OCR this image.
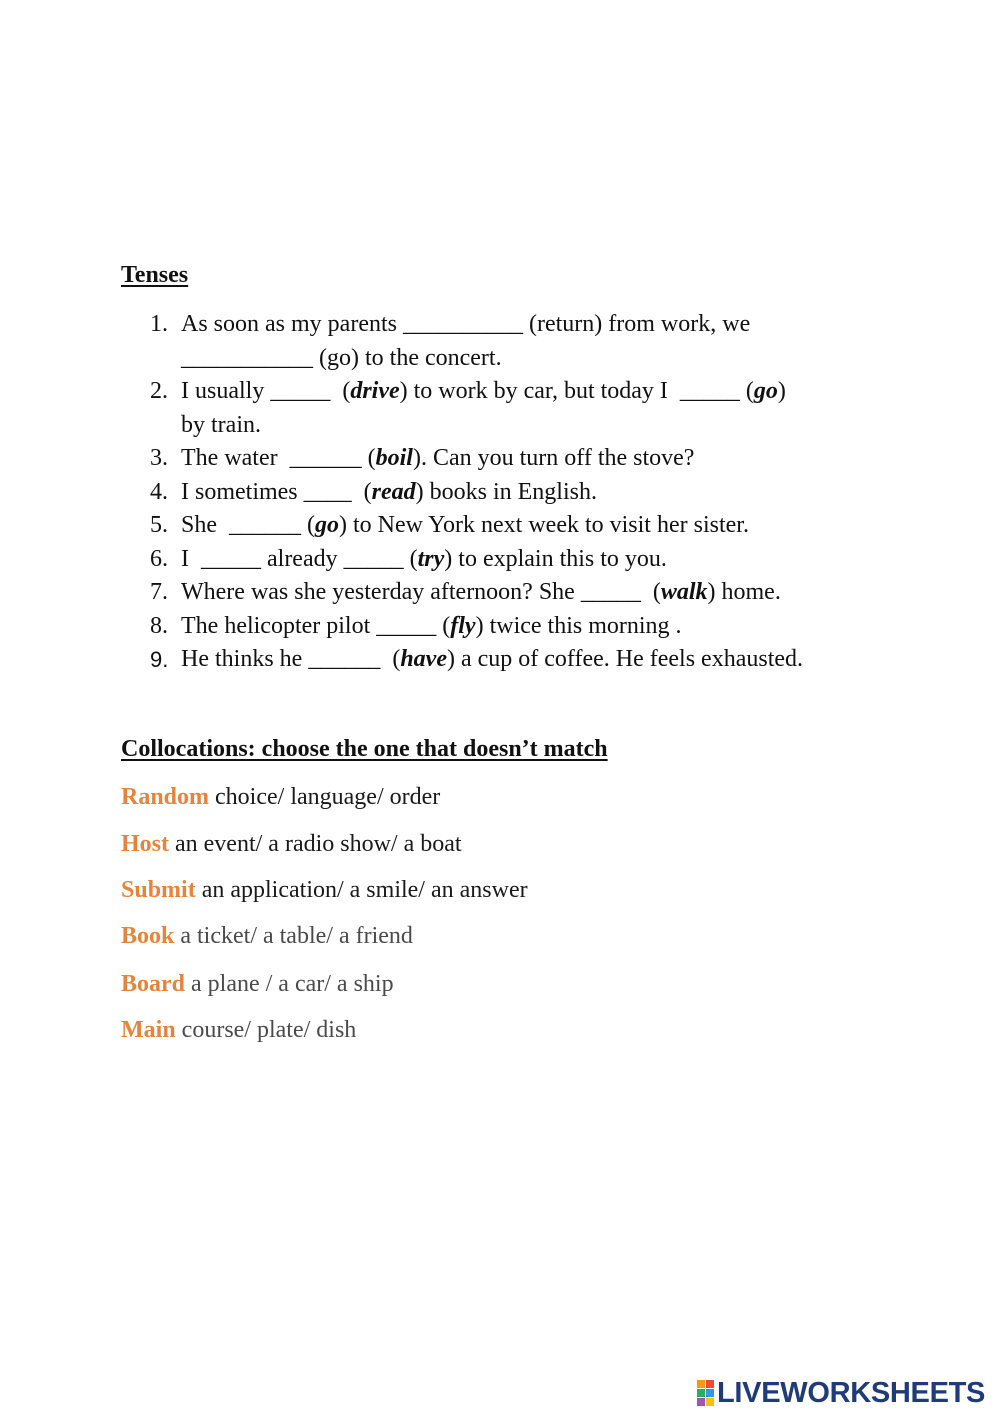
Tenses
1. As soon as my parents __________ (return) from work, we
___________ (go) to the concert.
2. I usually _____  (drive) to work by car, but today I  _____ (go)
by train.
3. The water  ______ (boil). Can you turn off the stove?
4. I sometimes ____  (read) books in English.
5. She  ______ (go) to New York next week to visit her sister.
6. I  _____ already _____ (try) to explain this to you.
7. Where was she yesterday afternoon? She _____  (walk) home.
8. The helicopter pilot _____ (fly) twice this morning .
9. He thinks he ______  (have) a cup of coffee. He feels exhausted.
Collocations: choose the one that doesn’t match

Random choice/ language/ order

Host an event/ a radio show/ a boat

Submit an application/ a smile/ an answer

Book a ticket/ a table/ a friend

Board a plane / a car/ a ship

Main course/ plate/ dish

LIVEWORKSHEETS
